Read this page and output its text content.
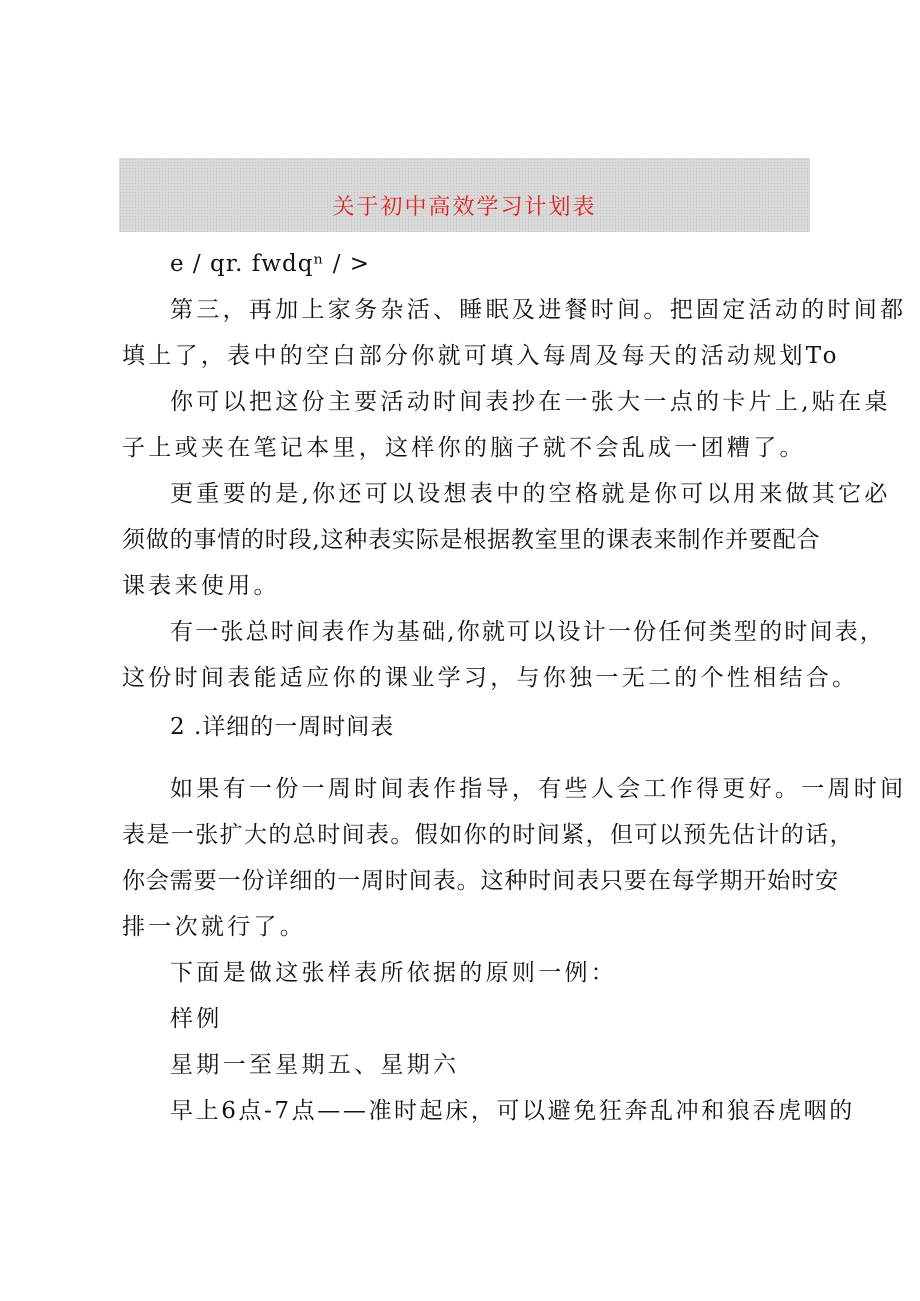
关于初中高效学习计划表
e / qr. fwdqⁿ / >
第三，再加上家务杂活、睡眠及进餐时间。把固定活动的时间都
填上了，表中的空白部分你就可填入每周及每天的活动规划To
你可以把这份主要活动时间表抄在一张大一点的卡片上,贴在桌
子上或夹在笔记本里，这样你的脑子就不会乱成一团糟了。
更重要的是,你还可以设想表中的空格就是你可以用来做其它必
须做的事情的时段,这种表实际是根据教室里的课表来制作并要配合
课表来使用。
有一张总时间表作为基础,你就可以设计一份任何类型的时间表，
这份时间表能适应你的课业学习，与你独一无二的个性相结合。
2 .详细的一周时间表
如果有一份一周时间表作指导，有些人会工作得更好。一周时间
表是一张扩大的总时间表。假如你的时间紧，但可以预先估计的话，
你会需要一份详细的一周时间表。这种时间表只要在每学期开始时安
排一次就行了。
下面是做这张样表所依据的原则一例：
样例
星期一至星期五、星期六
早上6点-7点——准时起床，可以避免狂奔乱冲和狼吞虎咽的
